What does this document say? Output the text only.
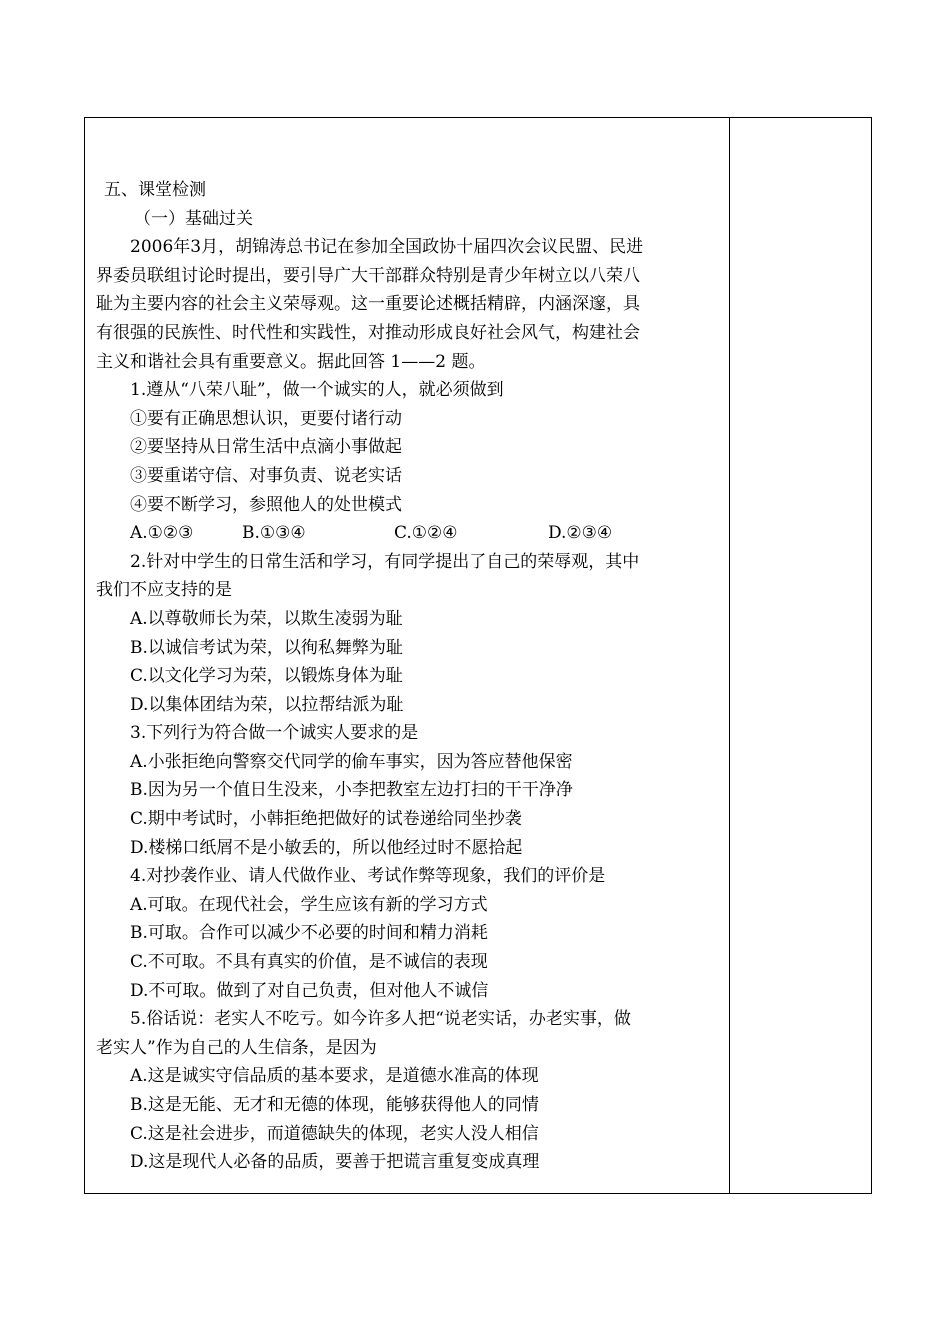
五、课堂检测
（一）基础过关
2006年3月，胡锦涛总书记在参加全国政协十届四次会议民盟、民进
界委员联组讨论时提出，要引导广大干部群众特别是青少年树立以八荣八
耻为主要内容的社会主义荣辱观。这一重要论述概括精辟，内涵深邃，具
有很强的民族性、时代性和实践性，对推动形成良好社会风气，构建社会
主义和谐社会具有重要意义。据此回答 1——2 题。
1.遵从“八荣八耻”，做一个诚实的人，就必须做到
①要有正确思想认识，更要付诸行动
②要坚持从日常生活中点滴小事做起
③要重诺守信、对事负责、说老实话
④要不断学习，参照他人的处世模式
A.①②③	B.①③④	C.①②④	D.②③④
2.针对中学生的日常生活和学习，有同学提出了自己的荣辱观，其中
我们不应支持的是
A.以尊敬师长为荣，以欺生凌弱为耻
B.以诚信考试为荣，以徇私舞弊为耻
C.以文化学习为荣，以锻炼身体为耻
D.以集体团结为荣，以拉帮结派为耻
3.下列行为符合做一个诚实人要求的是
A.小张拒绝向警察交代同学的偷车事实，因为答应替他保密
B.因为另一个值日生没来，小李把教室左边打扫的干干净净
C.期中考试时，小韩拒绝把做好的试卷递给同坐抄袭
D.楼梯口纸屑不是小敏丢的，所以他经过时不愿拾起
4.对抄袭作业、请人代做作业、考试作弊等现象，我们的评价是
A.可取。在现代社会，学生应该有新的学习方式
B.可取。合作可以减少不必要的时间和精力消耗
C.不可取。不具有真实的价值，是不诚信的表现
D.不可取。做到了对自己负责，但对他人不诚信
5.俗话说：老实人不吃亏。如今许多人把“说老实话，办老实事，做
老实人”作为自己的人生信条，是因为
A.这是诚实守信品质的基本要求，是道德水准高的体现
B.这是无能、无才和无德的体现，能够获得他人的同情
C.这是社会进步，而道德缺失的体现，老实人没人相信
D.这是现代人必备的品质，要善于把谎言重复变成真理
